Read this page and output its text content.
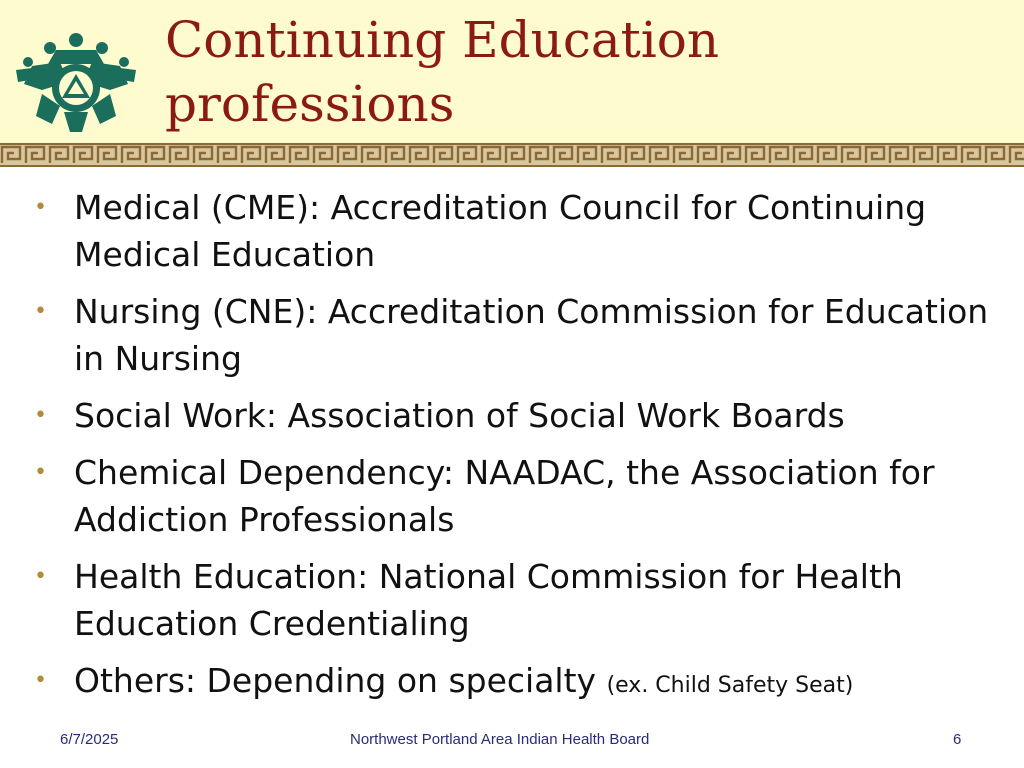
Continuing Education
professions
• Medical (CME): Accreditation Council for Continuing Medical Education
• Nursing (CNE): Accreditation Commission for Education in Nursing
• Social Work: Association of Social Work Boards
• Chemical Dependency: NAADAC, the Association for Addiction Professionals
• Health Education: National Commission for Health Education Credentialing
• Others: Depending on specialty (ex. Child Safety Seat)
6/7/2025	Northwest Portland Area Indian Health Board	6
